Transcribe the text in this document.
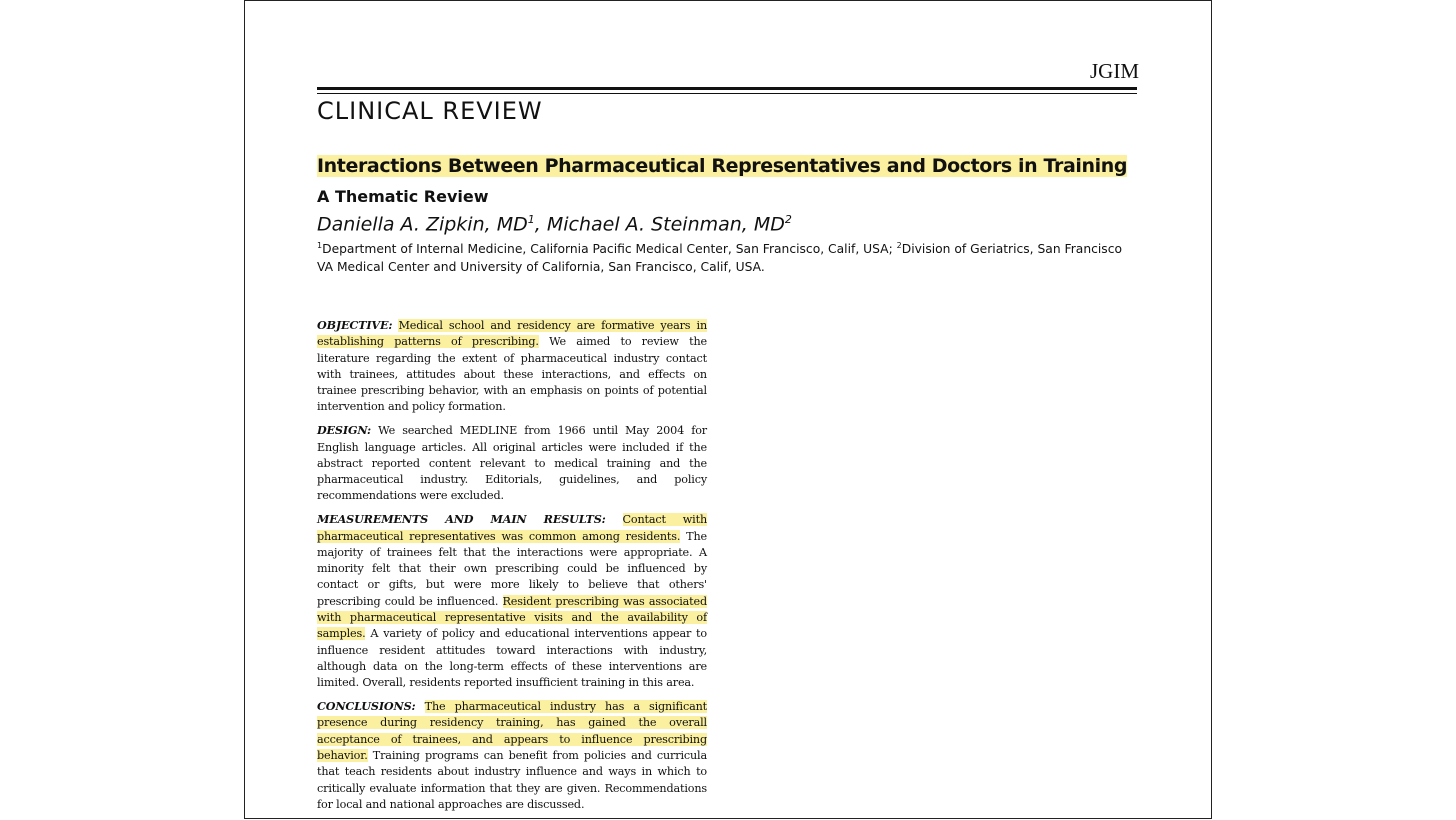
JGIM
CLINICAL REVIEW
Interactions Between Pharmaceutical Representatives and Doctors in Training
A Thematic Review
Daniella A. Zipkin, $MD^1$, Michael A. Steinman, $MD^2$
$^1$Department of Internal Medicine, California Pacific Medical Center, San Francisco, Calif, USA; $^2$Division of Geriatrics, San Francisco VA Medical Center and University of California, San Francisco, Calif, USA.

OBJECTIVE: Medical school and residency are formative years in establishing patterns of prescribing. We aimed to review the literature regarding the extent of pharmaceutical industry contact with trainees, attitudes about these interactions, and effects on trainee prescribing behavior, with an emphasis on points of potential intervention and policy formation.

DESIGN: We searched MEDLINE from 1966 until May 2004 for English language articles. All original articles were included if the abstract reported content relevant to medical training and the pharmaceutical industry. Editorials, guidelines, and policy recommendations were excluded.

MEASUREMENTS AND MAIN RESULTS: Contact with pharmaceutical representatives was common among residents. The majority of trainees felt that the interactions were appropriate. A minority felt that their own prescribing could be influenced by contact or gifts, but were more likely to believe that others' prescribing could be influenced. Resident prescribing was associated with pharmaceutical representative visits and the availability of samples. A variety of policy and educational interventions appear to influence resident attitudes toward interactions with industry, although data on the long-term effects of these interventions are limited. Overall, residents reported insufficient training in this area.

CONCLUSIONS: The pharmaceutical industry has a significant presence during residency training, has gained the overall acceptance of trainees, and appears to influence prescribing behavior. Training programs can benefit from policies and curricula that teach residents about industry influence and ways in which to critically evaluate information that they are given. Recommendations for local and national approaches are discussed.
